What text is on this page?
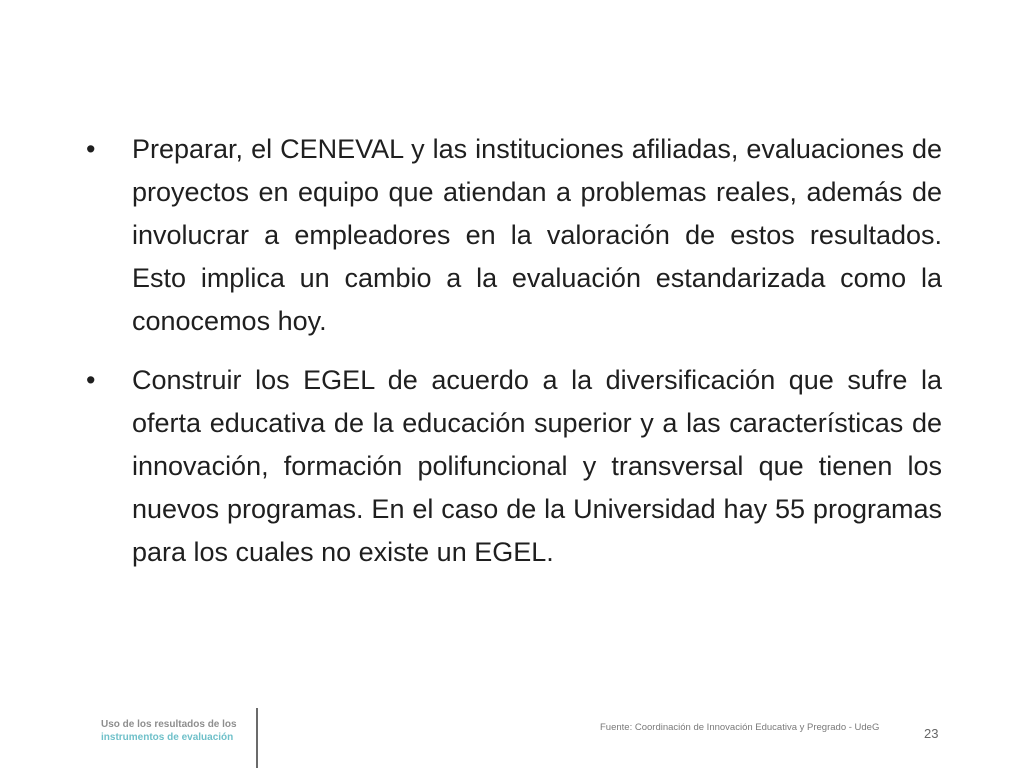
•	Preparar, el CENEVAL y las instituciones afiliadas, evaluaciones de proyectos en equipo que atiendan a problemas reales, además de involucrar a empleadores en la valoración de estos resultados. Esto implica un cambio a la evaluación estandarizada como la conocemos hoy.

•	Construir los EGEL de acuerdo a la diversificación que sufre la oferta educativa de la educación superior y a las características de innovación, formación polifuncional y transversal que tienen los nuevos programas. En el caso de la Universidad hay 55 programas para los cuales no existe un EGEL.

Uso de los resultados de los
instrumentos de evaluación
Fuente: Coordinación de Innovación Educativa y Pregrado - UdeG	23
